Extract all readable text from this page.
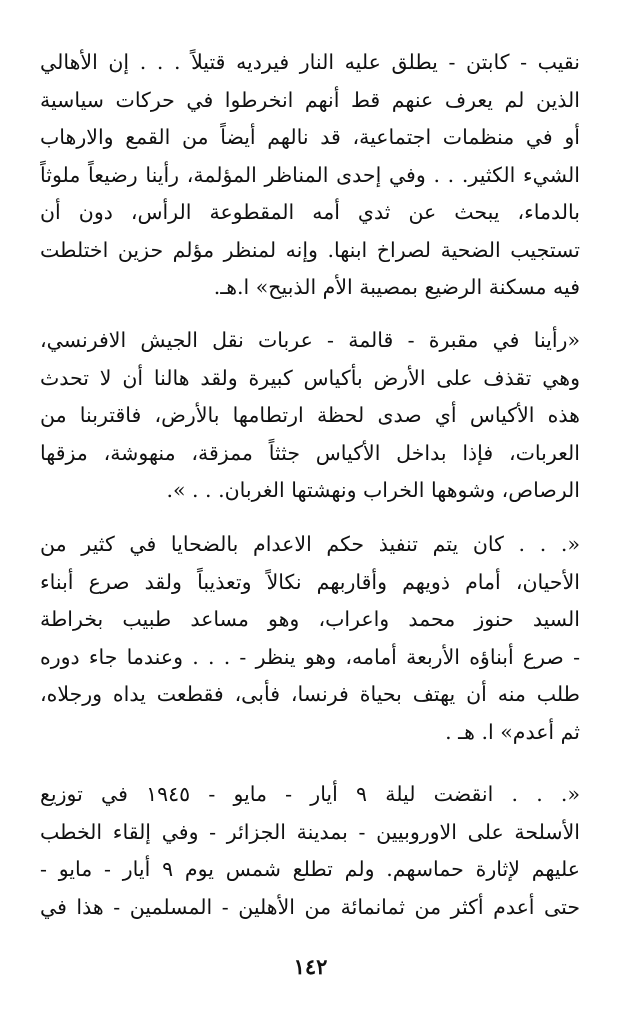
نقيب - كابتن - يطلق عليه النار فيرديه قتيلاً . . . إن الأهالي
الذين لم يعرف عنهم قط أنهم انخرطوا في حركات سياسية
أو في منظمات اجتماعية، قد نالهم أيضاً من القمع والارهاب
الشيء الكثير. . . وفي إحدى المناظر المؤلمة، رأينا رضيعاً ملوثاً
بالدماء، يبحث عن ثدي أمه المقطوعة الرأس، دون أن
تستجيب الضحية لصراخ ابنها. وإنه لمنظر مؤلم حزين اختلطت
فيه مسكنة الرضيع بمصيبة الأم الذبيح» ا.هـ.
«رأينا في مقبرة - قالمة - عربات نقل الجيش الافرنسي،
وهي تقذف على الأرض بأكياس كبيرة ولقد هالنا أن لا تحدث
هذه الأكياس أي صدى لحظة ارتطامها بالأرض، فاقتربنا من
العربات، فإذا بداخل الأكياس جثثاً ممزقة، منهوشة، مزقها
الرصاص، وشوهها الخراب ونهشتها الغربان. . . ».
«. . . كان يتم تنفيذ حكم الاعدام بالضحايا في كثير من
الأحيان، أمام ذويهم وأقاربهم نكالاً وتعذيباً ولقد صرع أبناء
السيد حنوز محمد واعراب، وهو مساعد طبيب بخراطة
- صرع أبناؤه الأربعة أمامه، وهو ينظر - . . . وعندما جاء دوره
طلب منه أن يهتف بحياة فرنسا، فأبى، فقطعت يداه ورجلاه،
ثم أعدم» ا. هـ .
«. . . انقضت ليلة ٩ أيار - مايو - ١٩٤٥ في توزيع
الأسلحة على الاوروبيين - بمدينة الجزائر - وفي إلقاء الخطب
عليهم لإثارة حماسهم. ولم تطلع شمس يوم ٩ أيار - مايو -
حتى أعدم أكثر من ثمانمائة من الأهلين - المسلمين - هذا في
١٤٢
